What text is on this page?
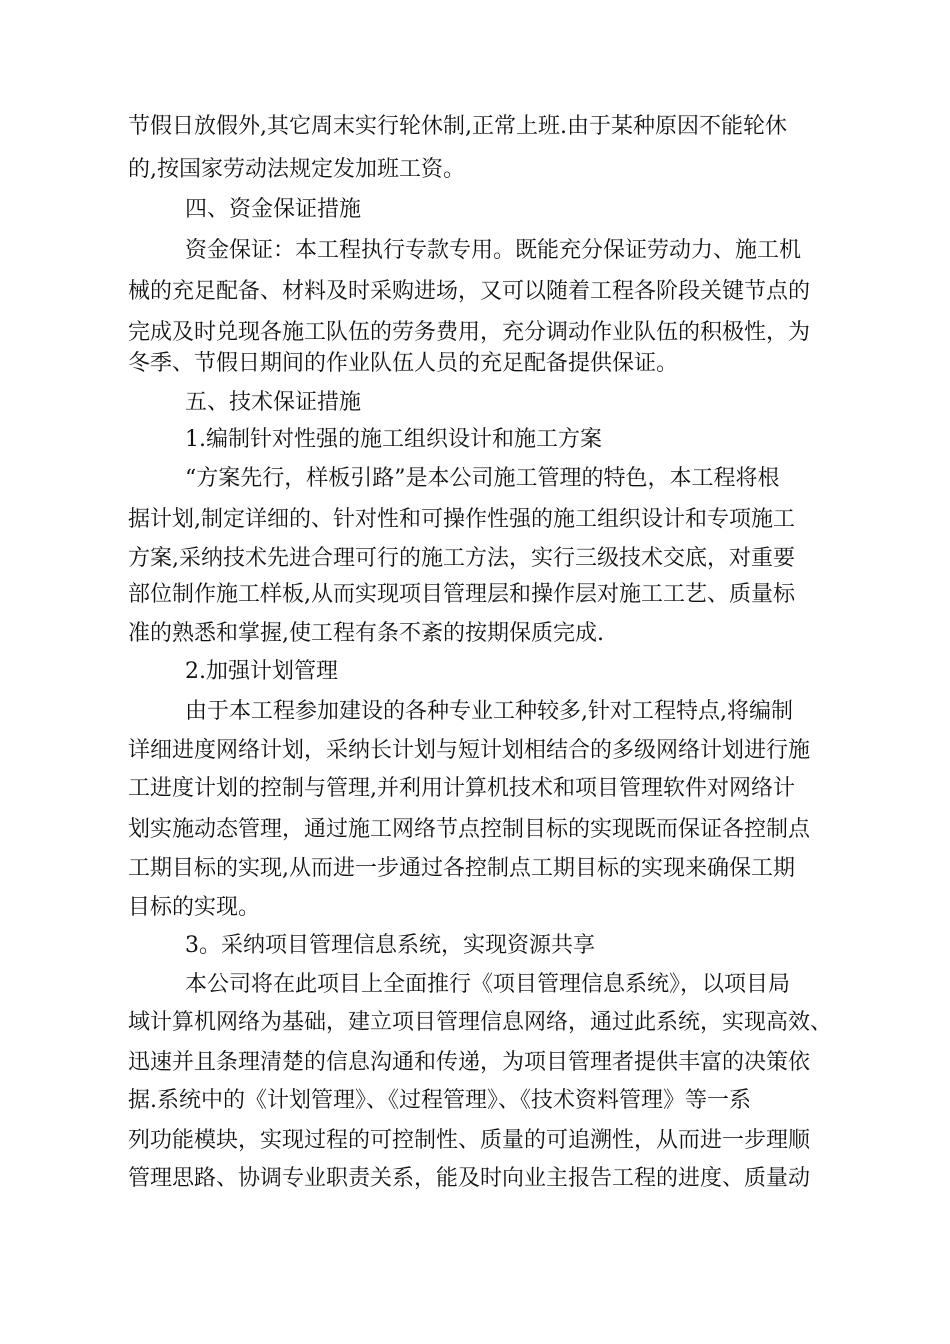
节假日放假外,其它周末实行轮休制,正常上班.由于某种原因不能轮休
的,按国家劳动法规定发加班工资。
四、资金保证措施
资金保证：本工程执行专款专用。既能充分保证劳动力、施工机
械的充足配备、材料及时采购进场，又可以随着工程各阶段关键节点的
完成及时兑现各施工队伍的劳务费用，充分调动作业队伍的积极性，为
冬季、节假日期间的作业队伍人员的充足配备提供保证。
五、技术保证措施
1.编制针对性强的施工组织设计和施工方案
“方案先行，样板引路”是本公司施工管理的特色，本工程将根
据计划,制定详细的、针对性和可操作性强的施工组织设计和专项施工
方案,采纳技术先进合理可行的施工方法，实行三级技术交底，对重要
部位制作施工样板,从而实现项目管理层和操作层对施工工艺、质量标
准的熟悉和掌握,使工程有条不紊的按期保质完成.
2.加强计划管理
由于本工程参加建设的各种专业工种较多,针对工程特点,将编制
详细进度网络计划，采纳长计划与短计划相结合的多级网络计划进行施
工进度计划的控制与管理,并利用计算机技术和项目管理软件对网络计
划实施动态管理，通过施工网络节点控制目标的实现既而保证各控制点
工期目标的实现,从而进一步通过各控制点工期目标的实现来确保工期
目标的实现。
3。采纳项目管理信息系统，实现资源共享
本公司将在此项目上全面推行《项目管理信息系统》，以项目局
域计算机网络为基础，建立项目管理信息网络，通过此系统，实现高效、
迅速并且条理清楚的信息沟通和传递，为项目管理者提供丰富的决策依
据.系统中的《计划管理》、《过程管理》、《技术资料管理》等一系
列功能模块，实现过程的可控制性、质量的可追溯性，从而进一步理顺
管理思路、协调专业职责关系，能及时向业主报告工程的进度、质量动
